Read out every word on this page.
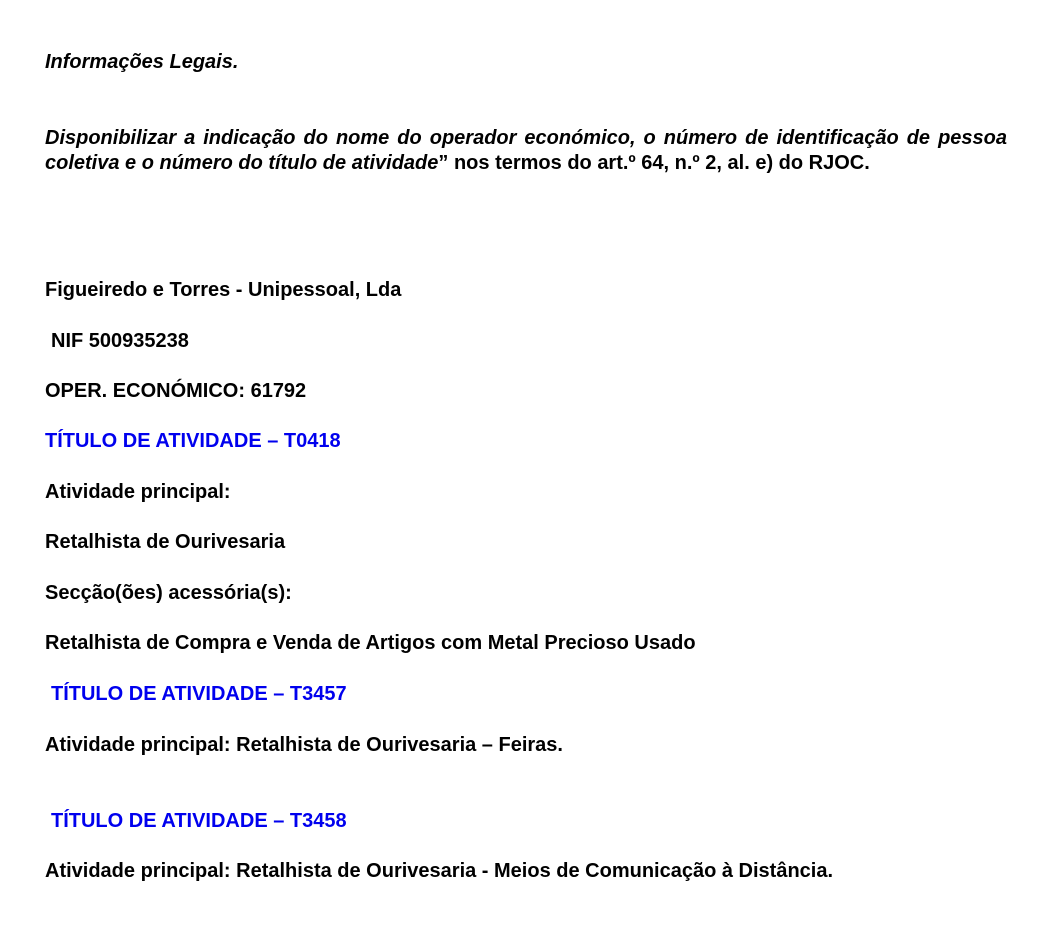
Informações Legais.
Disponibilizar a indicação do nome do operador económico, o número de identificação de pessoa coletiva e o número do título de atividade” nos termos do art.º 64, n.º 2, al. e) do RJOC.
Figueiredo e Torres - Unipessoal, Lda
NIF 500935238
OPER. ECONÓMICO: 61792
TÍTULO DE ATIVIDADE – T0418
Atividade principal:
Retalhista de Ourivesaria
Secção(ões) acessória(s):
Retalhista de Compra e Venda de Artigos com Metal Precioso Usado
TÍTULO DE ATIVIDADE – T3457
Atividade principal: Retalhista de Ourivesaria – Feiras.
TÍTULO DE ATIVIDADE – T3458
Atividade principal: Retalhista de Ourivesaria - Meios de Comunicação à Distância.
